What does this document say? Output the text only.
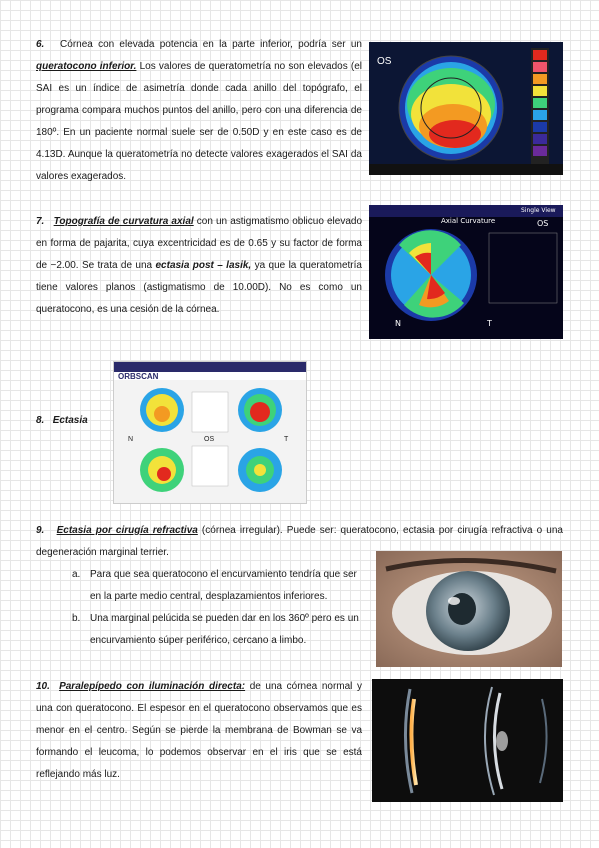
6. Córnea con elevada potencia en la parte inferior, podría ser un queratocono inferior. Los valores de queratometría no son elevados (el SAI es un índice de asimetría donde cada anillo del topógrafo, el programa compara muchos puntos del anillo, pero con una diferencia de 180º. En un paciente normal suele ser de 0.50D y en este caso es de 4.13D. Aunque la queratometría no detecte valores exagerados el SAI da valores exagerados.
OS
7. Topografía de curvatura axial con un astigmatismo oblicuo elevado en forma de pajarita, cuya excentricidad es de 0.65 y su factor de forma de −2.00. Se trata de una ectasia post – lasik, ya que la queratometría tiene valores planos (astigmatismo de 10.00D). No es como un queratocono, es una cesión de la córnea.
Axial Curvature
Single View
OS
N	T
8. Ectasia
ORBSCAN
N	T
OS
9. Ectasia por cirugía refractiva (córnea irregular). Puede ser: queratocono, ectasia por cirugía refractiva o una degeneración marginal terrier.
a. Para que sea queratocono el encurvamiento tendría que ser en la parte medio central, desplazamientos inferiores.
b. Una marginal pelúcida se pueden dar en los 360º pero es un encurvamiento súper periférico, cercano a limbo.
10. Paralepípedo con iluminación directa: de una córnea normal y una con queratocono. El espesor en el queratocono observamos que es menor en el centro. Según se pierde la membrana de Bowman se va formando el leucoma, lo podemos observar en el iris que se está reflejando más luz.
